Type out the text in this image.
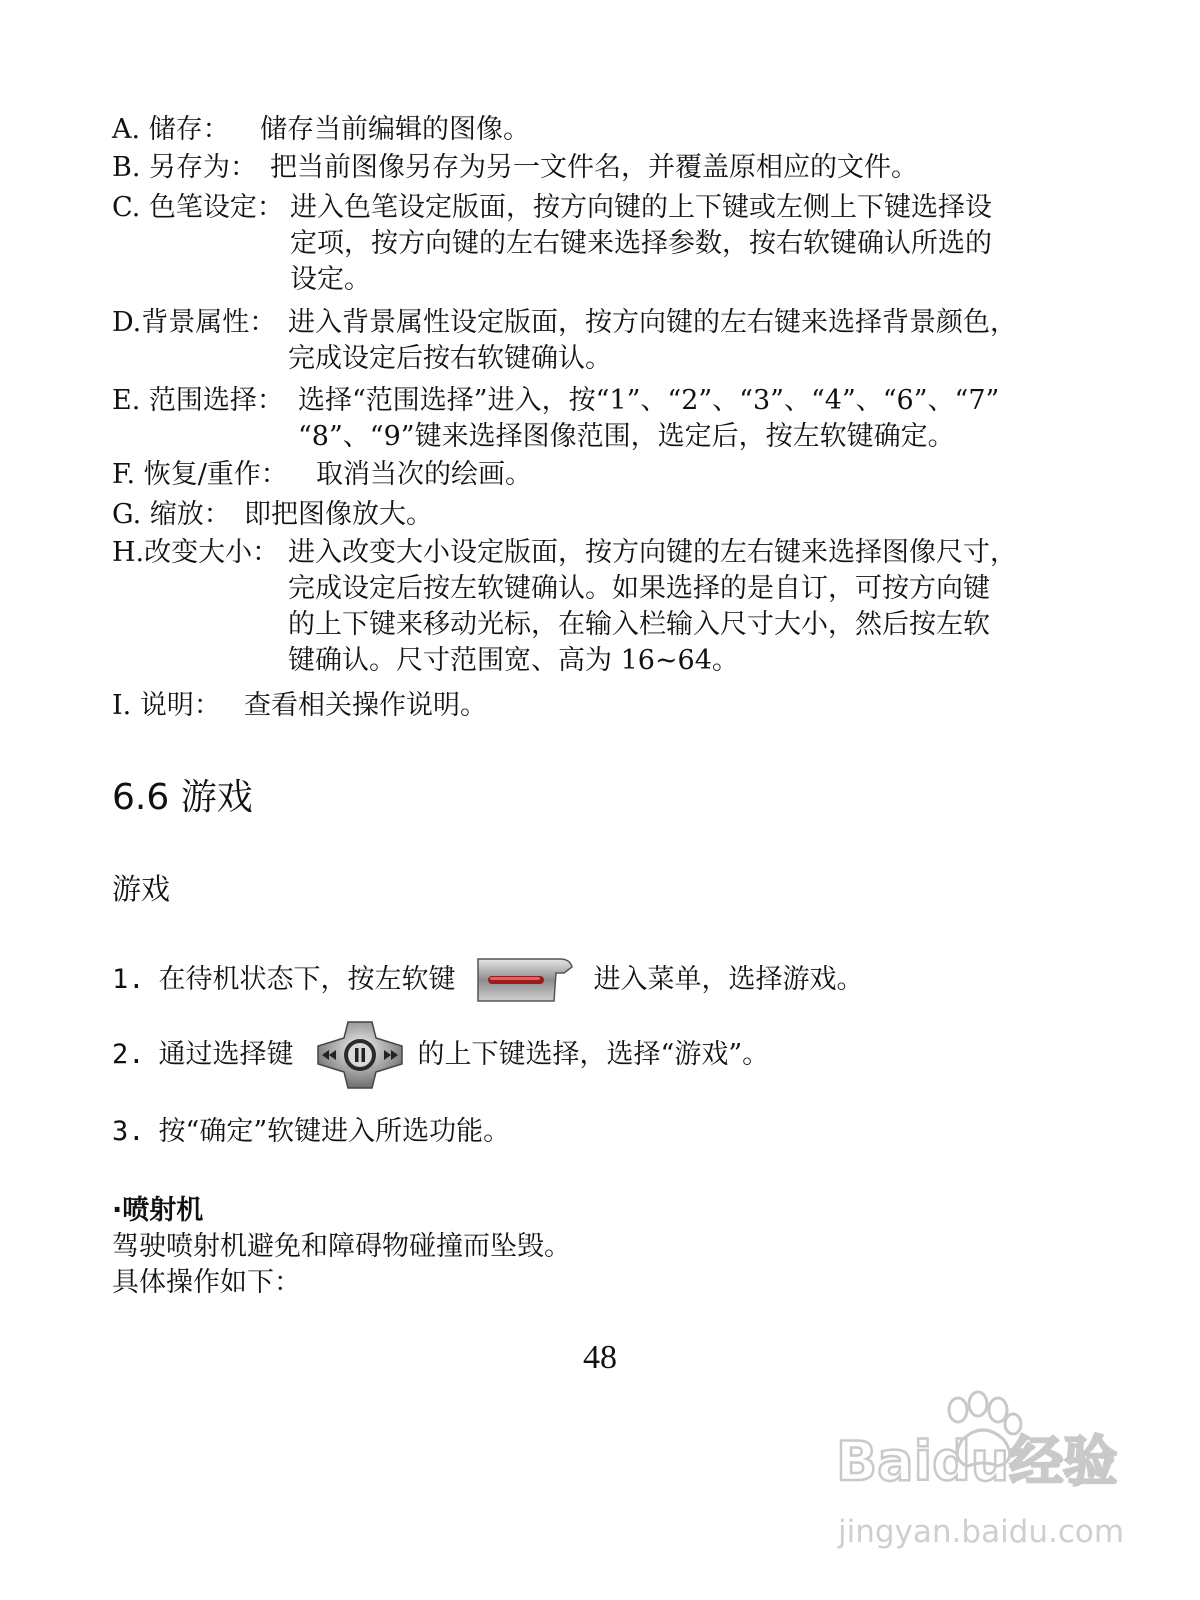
A. 储存： 储存当前编辑的图像。
B. 另存为： 把当前图像另存为另一文件名，并覆盖原相应的文件。
C. 色笔设定： 进入色笔设定版面，按方向键的上下键或左侧上下键选择设
定项，按方向键的左右键来选择参数，按右软键确认所选的
设定。
D.背景属性： 进入背景属性设定版面，按方向键的左右键来选择背景颜色，
完成设定后按右软键确认。
E. 范围选择： 选择“范围选择”进入，按“1”、“2”、“3”、“4”、“6”、“7”
“8”、“9”键来选择图像范围，选定后，按左软键确定。
F. 恢复/重作： 取消当次的绘画。
G. 缩放： 即把图像放大。
H.改变大小： 进入改变大小设定版面，按方向键的左右键来选择图像尺寸，
完成设定后按左软键确认。如果选择的是自订，可按方向键
的上下键来移动光标，在输入栏输入尺寸大小，然后按左软
键确认。尺寸范围宽、高为 16~64。
I. 说明： 查看相关操作说明。
6.6 游戏
游戏
1. 在待机状态下，按左软键	进入菜单，选择游戏。
2. 通过选择键	的上下键选择，选择“游戏”。
3. 按“确定”软键进入所选功能。
·喷射机
驾驶喷射机避免和障碍物碰撞而坠毁。
具体操作如下：
48
Baidu经验
jingyan.baidu.com
